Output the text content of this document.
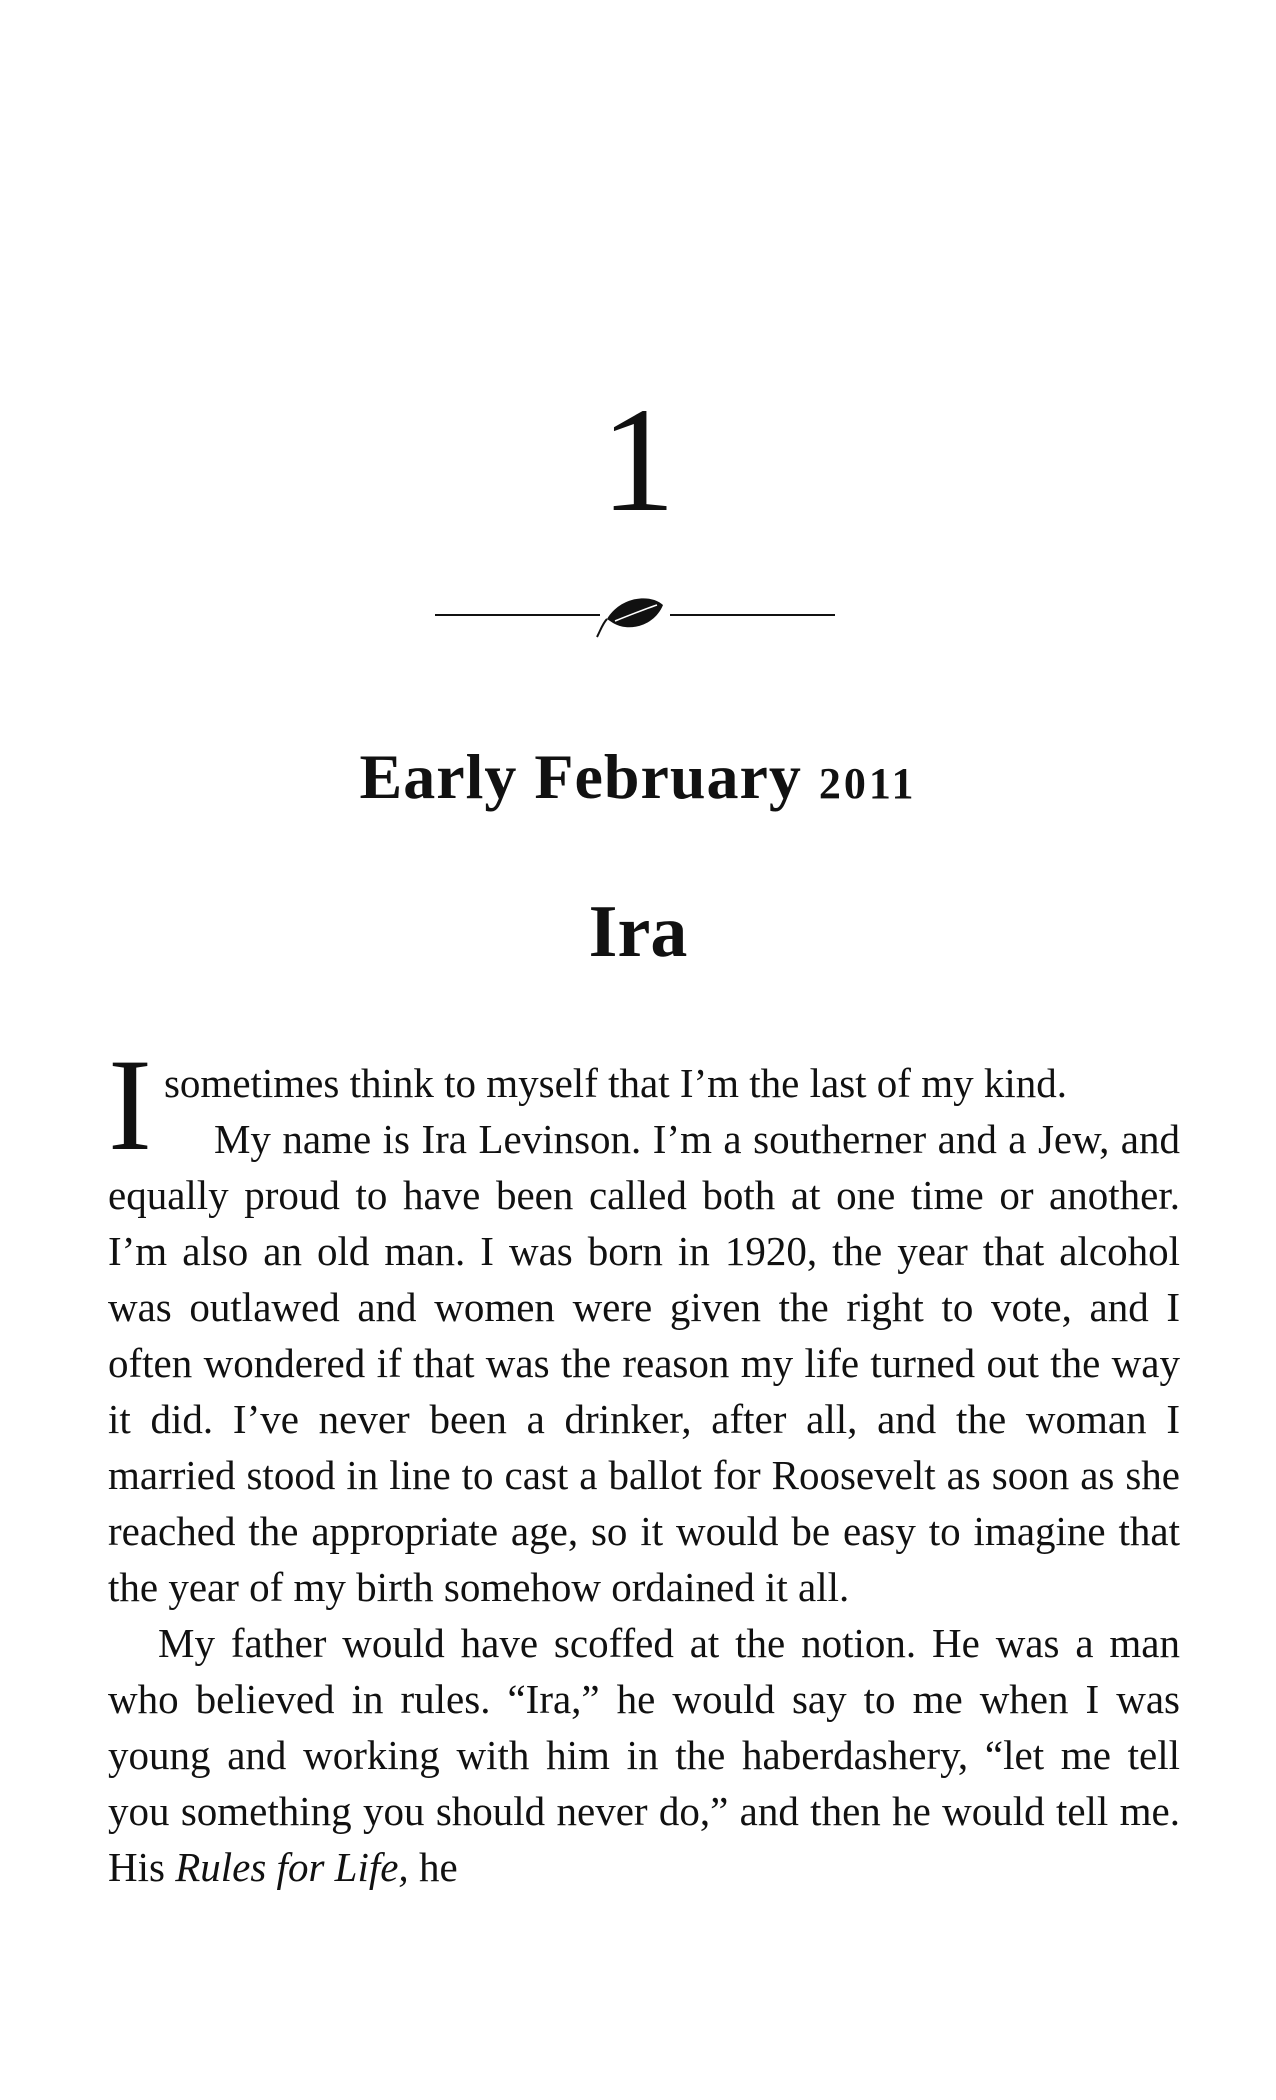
1
Early February 2011
Ira

I sometimes think to myself that I’m the last of my kind.

My name is Ira Levinson. I’m a southerner and a Jew, and equally proud to have been called both at one time or another. I’m also an old man. I was born in 1920, the year that alcohol was outlawed and women were given the right to vote, and I often wondered if that was the reason my life turned out the way it did. I’ve never been a drinker, after all, and the woman I married stood in line to cast a ballot for Roosevelt as soon as she reached the appropriate age, so it would be easy to imagine that the year of my birth somehow ordained it all.

My father would have scoffed at the notion. He was a man who believed in rules. “Ira,” he would say to me when I was young and working with him in the haberdashery, “let me tell you something you should never do,” and then he would tell me. His Rules for Life, he
